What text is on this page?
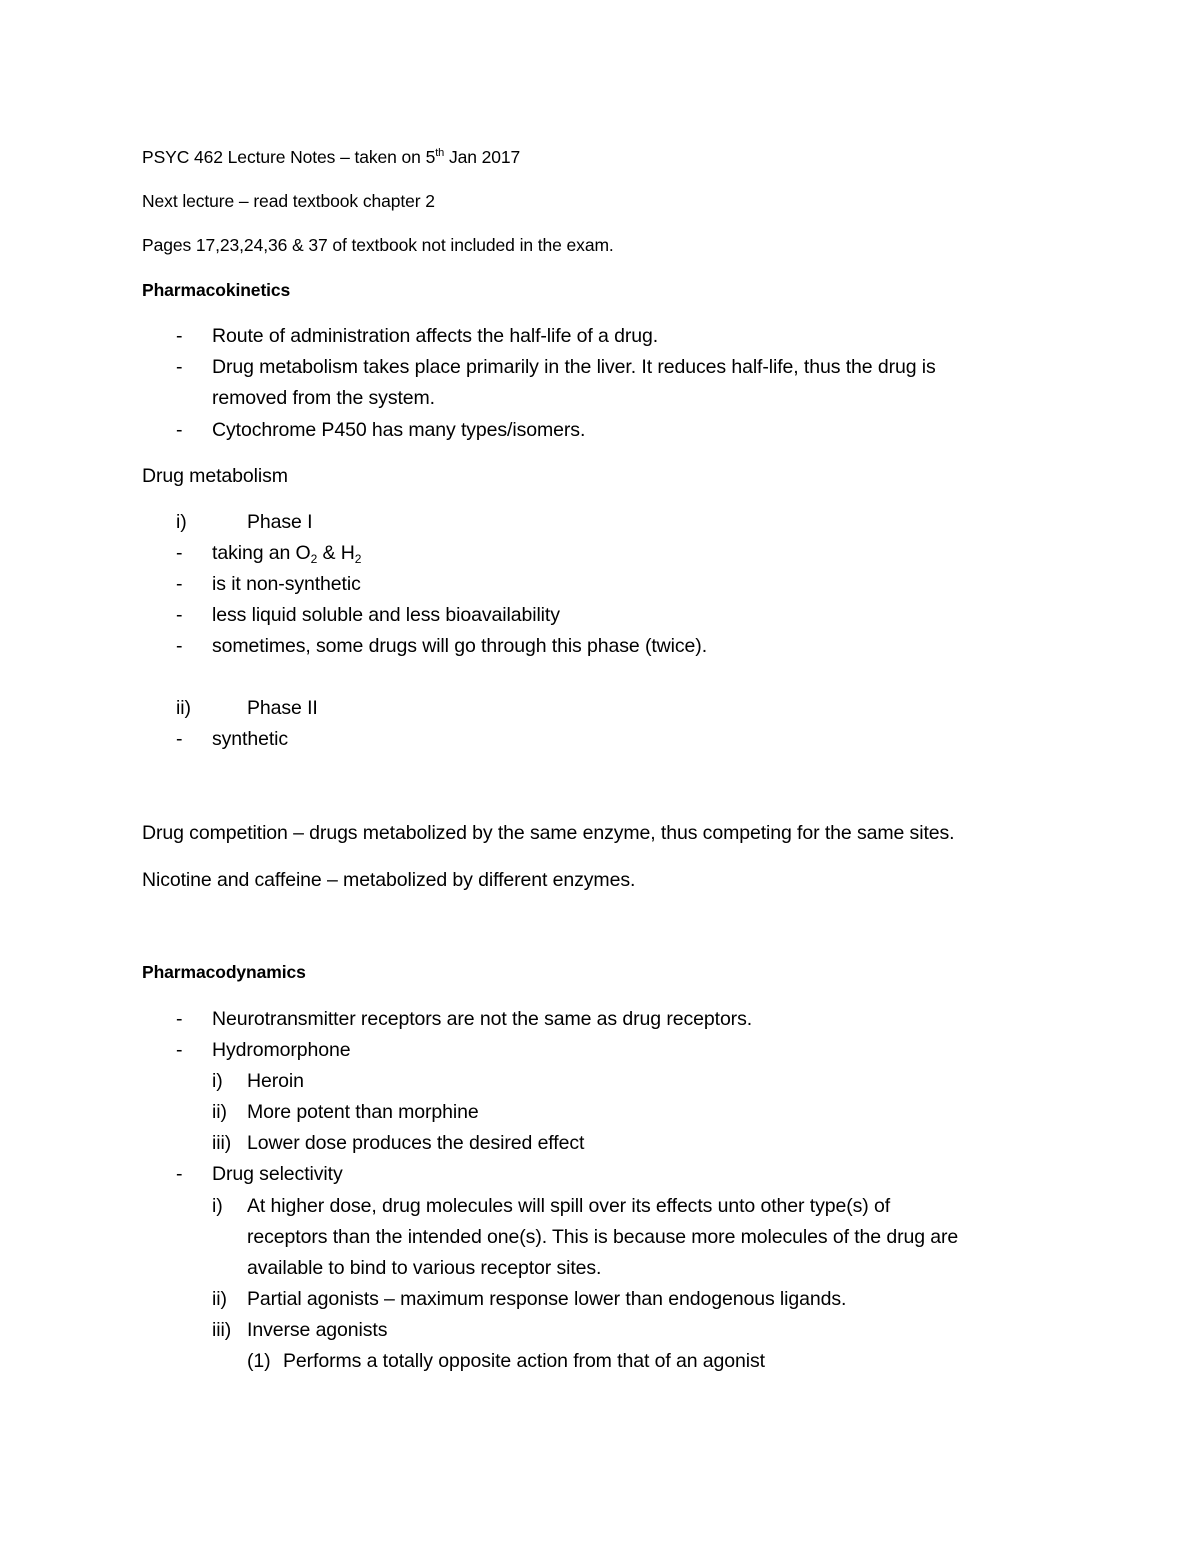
PSYC 462 Lecture Notes – taken on 5th Jan 2017
Next lecture – read textbook chapter 2
Pages 17,23,24,36 & 37 of textbook not included in the exam.
Pharmacokinetics
- Route of administration affects the half-life of a drug.
- Drug metabolism takes place primarily in the liver. It reduces half-life, thus the drug is
removed from the system.
- Cytochrome P450 has many types/isomers.
Drug metabolism
i)	Phase I
- taking an $O_2$ & $H_2$
- is it non-synthetic
- less liquid soluble and less bioavailability
- sometimes, some drugs will go through this phase (twice).
ii)	Phase II
- synthetic
Drug competition – drugs metabolized by the same enzyme, thus competing for the same sites.
Nicotine and caffeine – metabolized by different enzymes.
Pharmacodynamics
- Neurotransmitter receptors are not the same as drug receptors.
- Hydromorphone
i) Heroin
ii) More potent than morphine
iii) Lower dose produces the desired effect
- Drug selectivity
i) At higher dose, drug molecules will spill over its effects unto other type(s) of
receptors than the intended one(s). This is because more molecules of the drug are
available to bind to various receptor sites.
ii) Partial agonists – maximum response lower than endogenous ligands.
iii) Inverse agonists
(1) Performs a totally opposite action from that of an agonist
